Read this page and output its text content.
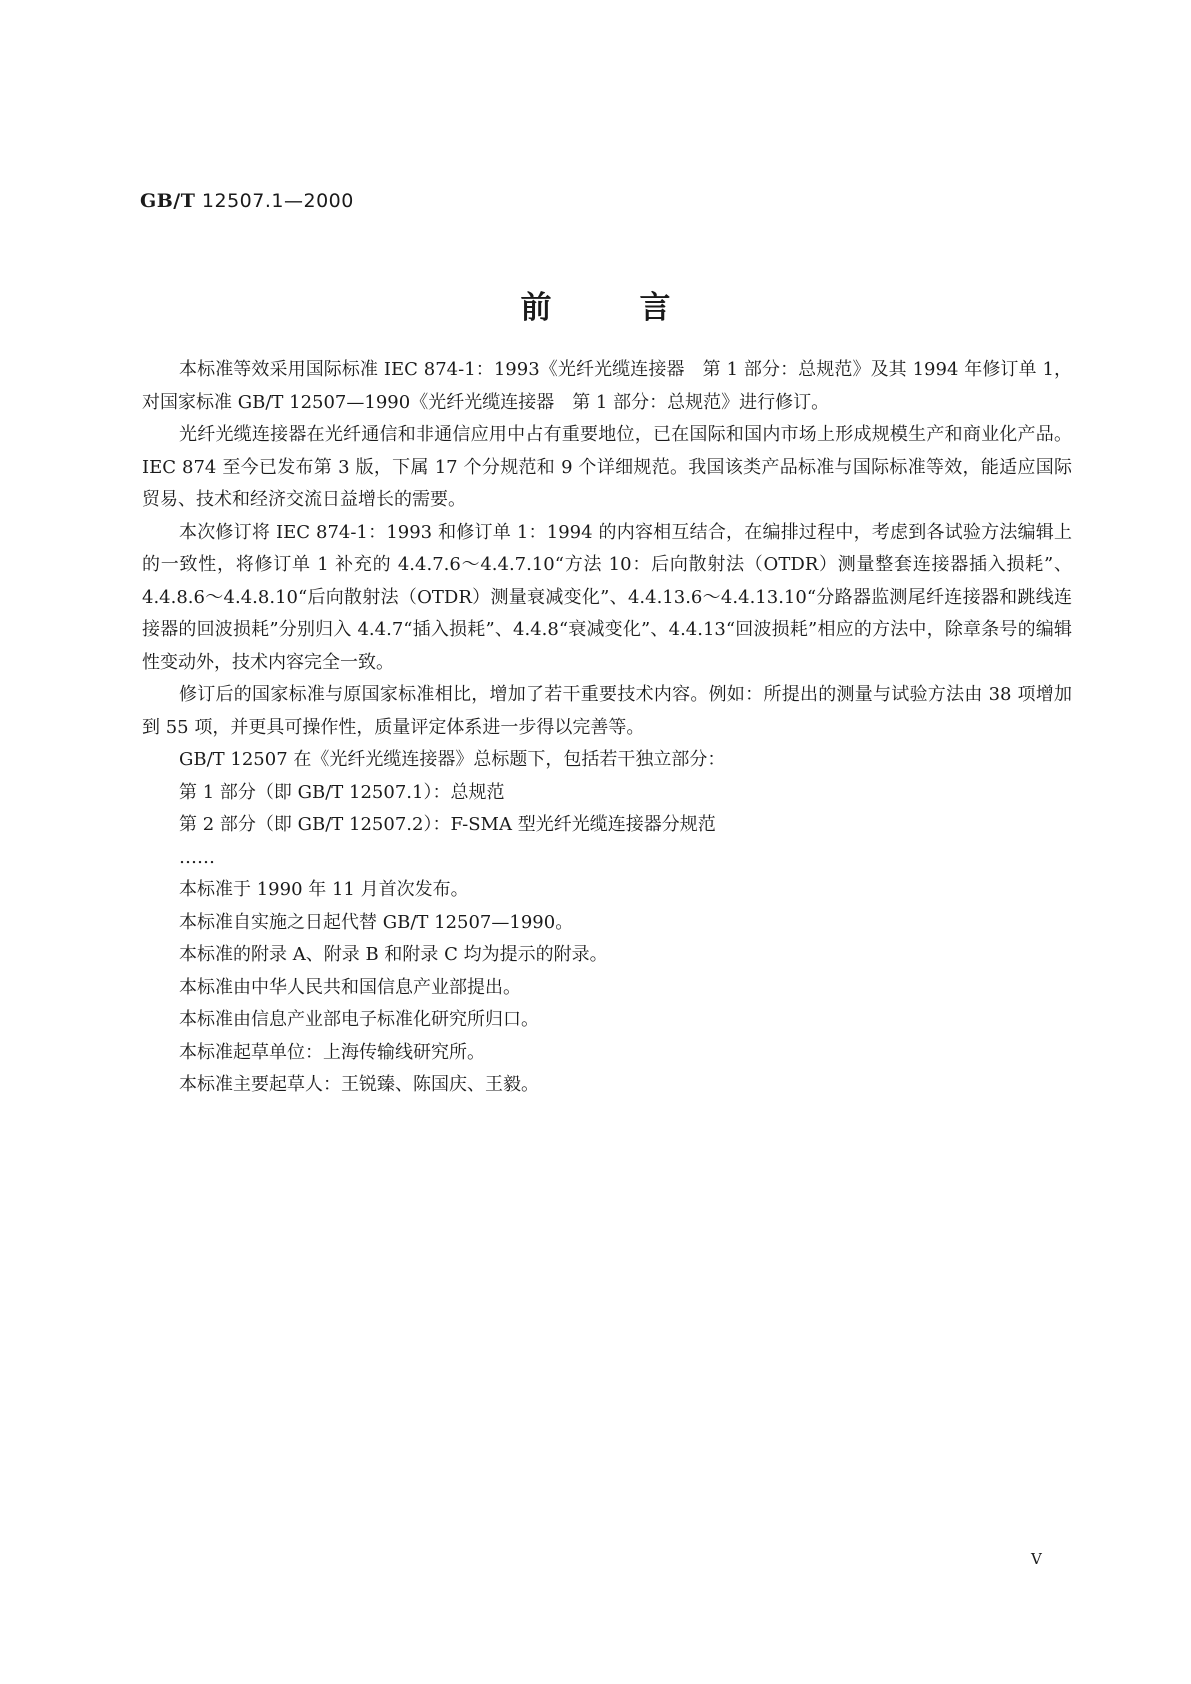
GB/T 12507.1—2000
前言

本标准等效采用国际标准 IEC 874-1：1993《光纤光缆连接器　第 1 部分：总规范》及其 1994 年修订单 1，对国家标准 GB/T 12507—1990《光纤光缆连接器　第 1 部分：总规范》进行修订。

光纤光缆连接器在光纤通信和非通信应用中占有重要地位，已在国际和国内市场上形成规模生产和商业化产品。IEC 874 至今已发布第 3 版，下属 17 个分规范和 9 个详细规范。我国该类产品标准与国际标准等效，能适应国际贸易、技术和经济交流日益增长的需要。

本次修订将 IEC 874-1：1993 和修订单 1：1994 的内容相互结合，在编排过程中，考虑到各试验方法编辑上的一致性，将修订单 1 补充的 4.4.7.6～4.4.7.10“方法 10：后向散射法（OTDR）测量整套连接器插入损耗”、4.4.8.6～4.4.8.10“后向散射法（OTDR）测量衰减变化”、4.4.13.6～4.4.13.10“分路器监测尾纤连接器和跳线连接器的回波损耗”分别归入 4.4.7“插入损耗”、4.4.8“衰减变化”、4.4.13“回波损耗”相应的方法中，除章条号的编辑性变动外，技术内容完全一致。

修订后的国家标准与原国家标准相比，增加了若干重要技术内容。例如：所提出的测量与试验方法由 38 项增加到 55 项，并更具可操作性，质量评定体系进一步得以完善等。

GB/T 12507 在《光纤光缆连接器》总标题下，包括若干独立部分：

第 1 部分（即 GB/T 12507.1）：总规范

第 2 部分（即 GB/T 12507.2）：F-SMA 型光纤光缆连接器分规范

……

本标准于 1990 年 11 月首次发布。

本标准自实施之日起代替 GB/T 12507—1990。

本标准的附录 A、附录 B 和附录 C 均为提示的附录。

本标准由中华人民共和国信息产业部提出。

本标准由信息产业部电子标准化研究所归口。

本标准起草单位：上海传输线研究所。

本标准主要起草人：王锐臻、陈国庆、王毅。

V
